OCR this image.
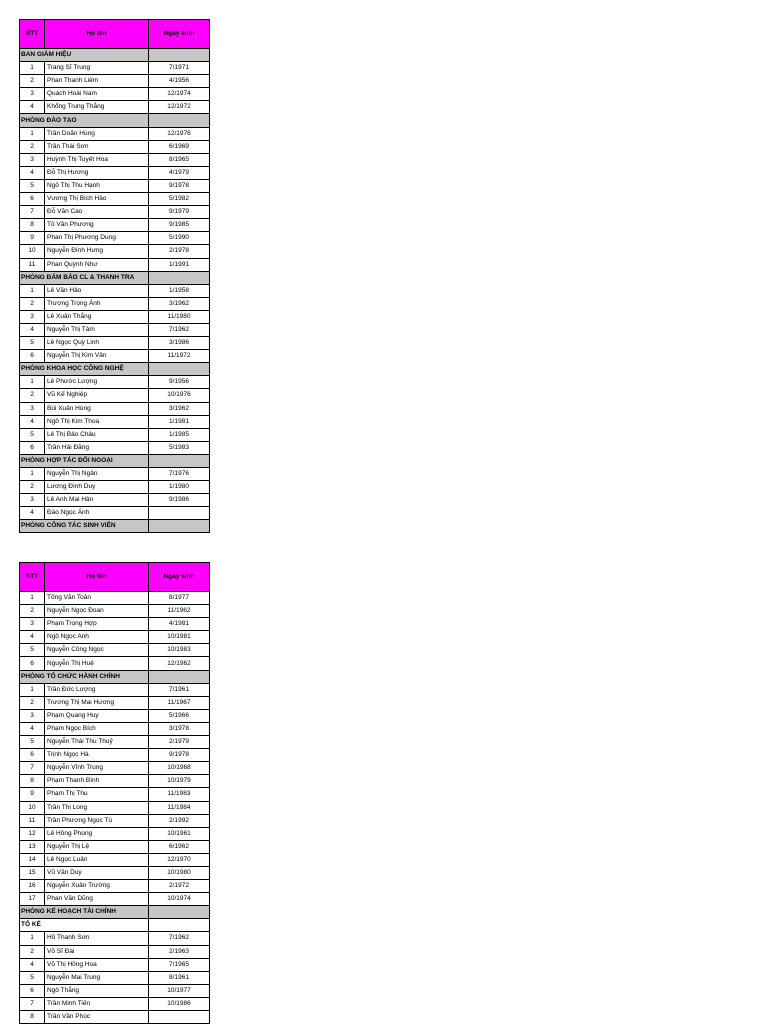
STT	Họ tên	Ngày sinh
BAN GIÁM HIỆU		
1	Trang Sĩ Trung	7/1971
2	Phan Thanh Liêm	4/1956
3	Quách Hoài Nam	12/1974
4	Khổng Trung Thắng	12/1972
PHÒNG ĐÀO TẠO		
1	Trần Doãn Hùng	12/1976
2	Trần Thái Sơn	6/1969
3	Huỳnh Thị Tuyết Hoa	8/1965
4	Đỗ Thị Hương	4/1979
5	Ngô Thị Thu Hạnh	9/1978
6	Vương Thị Bích Hảo	5/1982
7	Đỗ Văn Cao	9/1979
8	Tô Văn Phương	9/1985
9	Phan Thị Phương Dung	5/1990
10	Nguyễn Đình Hưng	2/1978
11	Phan Quỳnh Như	1/1991
PHÒNG ĐẢM BẢO CL & THANH TRA		
1	Lê Văn Hảo	1/1958
2	Trương Trọng Ánh	3/1962
3	Lê Xuân Thắng	11/1980
4	Nguyễn Thị Tâm	7/1962
5	Lê Ngọc Quỳ Linh	3/1986
6	Nguyễn Thị Kim Vân	11/1972
PHÒNG KHOA HỌC CÔNG NGHỆ		
1	Lê Phước Lượng	9/1956
2	Vũ Kế Nghiệp	10/1976
3	Bùi Xuân Hùng	3/1962
4	Ngô Thị Kim Thoa	1/1981
5	Lê Thị Bảo Châu	1/1985
6	Trần Hải Đăng	5/1983
PHÒNG HỢP TÁC ĐỐI NGOẠI		
1	Nguyễn Thị Ngân	7/1976
2	Lương Đình Duy	1/1980
3	Lê Anh Mai Hân	9/1986
4	Đào Ngọc Ánh	
PHÒNG CÔNG TÁC SINH VIÊN		
STT	Họ tên	Ngày sinh
1	Tống Văn Toản	8/1977
2	Nguyễn Ngọc Đoan	11/1962
3	Phạm Trọng Hợp	4/1981
4	Ngô Ngọc Anh	10/1981
5	Nguyễn Công Ngọc	10/1983
6	Nguyễn Thị Huệ	12/1962
PHÒNG TỔ CHỨC HÀNH CHÍNH		
1	Trần Đức Lượng	7/1961
2	Trương Thị Mai Hương	11/1967
3	Phạm Quang Huy	5/1966
4	Phạm Ngọc Bích	3/1978
5	Nguyễn Thái Thu Thuỷ	2/1979
6	Trịnh Ngọc Hà	9/1978
7	Nguyễn Vĩnh Trung	10/1968
8	Phạm Thanh Bình	10/1979
9	Phạm Thị Thu	11/1983
10	Trần Thị Long	11/1984
11	Trần Phương Ngọc Tú	2/1992
12	Lê Hồng Phong	10/1961
13	Nguyễn Thị Lệ	6/1962
14	Lê Ngọc Luân	12/1970
15	Vũ Văn Duy	10/1980
16	Nguyễn Xuân Trường	2/1972
17	Phan Văn Dũng	10/1974
PHÒNG KẾ HOẠCH TÀI CHÍNH		
TỔ KẾ		
1	Hồ Thanh Sơn	7/1962
2	Võ Sĩ Đài	2/1963
4	Võ Thị Hồng Hoa	7/1965
5	Nguyễn Mai Trung	8/1961
6	Ngô Thắng	10/1977
7	Trần Minh Tiến	10/1986
8	Trần Văn Phúc	
